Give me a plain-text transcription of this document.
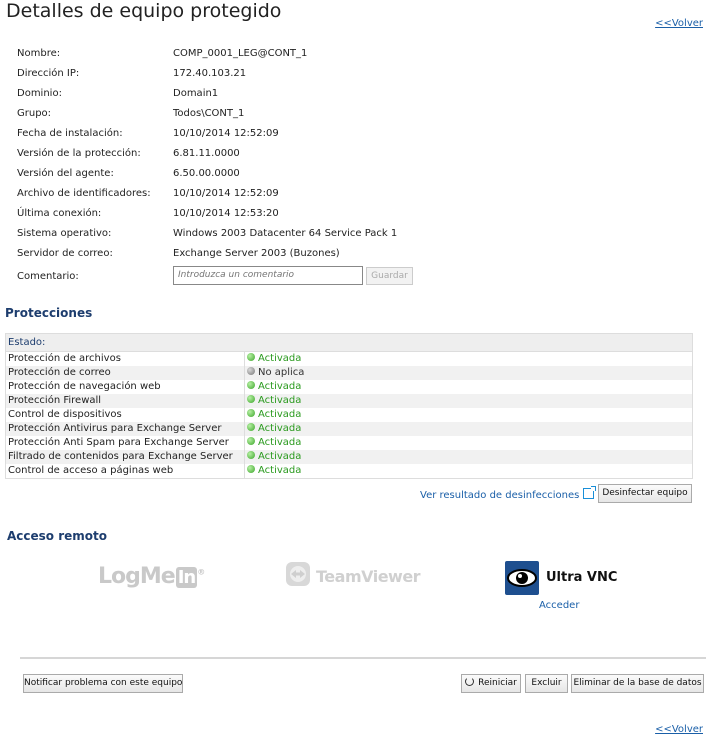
Detalles de equipo protegido
<<Volver
Nombre:	COMP_0001_LEG@CONT_1
Dirección IP:	172.40.103.21
Dominio:	Domain1
Grupo:	Todos\CONT_1
Fecha de instalación:	10/10/2014 12:52:09
Versión de la protección:	6.81.11.0000
Versión del agente:	6.50.00.0000
Archivo de identificadores:	10/10/2014 12:52:09
Última conexión:	10/10/2014 12:53:20
Sistema operativo:	Windows 2003 Datacenter 64 Service Pack 1
Servidor de correo:	Exchange Server 2003 (Buzones)
Comentario:
Introduzca un comentario	Guardar
Protecciones
Estado:
Protección de archivos	Activada
Protección de correo	No aplica
Protección de navegación web	Activada
Protección Firewall	Activada
Control de dispositivos	Activada
Protección Antivirus para Exchange Server	Activada
Protección Anti Spam para Exchange Server	Activada
Filtrado de contenidos para Exchange Server	Activada
Control de acceso a páginas web	Activada
Ver resultado de desinfecciones	Desinfectar equipo
Acceso remoto
LogMe In ®	TeamViewer	Ultra VNC
Acceder
Notificar problema con este equipo	Reiniciar	Excluir	Eliminar de la base de datos
<<Volver
